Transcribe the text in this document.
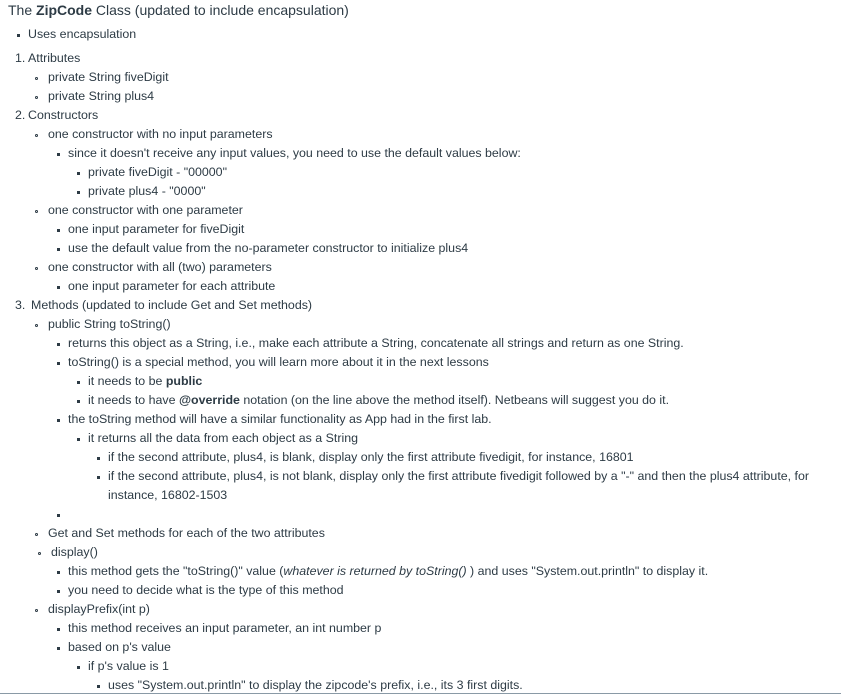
The ZipCode Class (updated to include encapsulation)
Uses encapsulation
1. Attributes
private String fiveDigit
private String plus4
2. Constructors
one constructor with no input parameters
since it doesn't receive any input values, you need to use the default values below:
private fiveDigit - "00000"
private plus4 - "0000"
one constructor with one parameter
one input parameter for fiveDigit
use the default value from the no-parameter constructor to initialize plus4
one constructor with all (two) parameters
one input parameter for each attribute
3. Methods (updated to include Get and Set methods)
public String toString()
returns this object as a String, i.e., make each attribute a String, concatenate all strings and return as one String.
toString() is a special method, you will learn more about it in the next lessons
it needs to be public
it needs to have @override notation (on the line above the method itself). Netbeans will suggest you do it.
the toString method will have a similar functionality as App had in the first lab.
it returns all the data from each object as a String
if the second attribute, plus4, is blank, display only the first attribute fivedigit, for instance, 16801
if the second attribute, plus4, is not blank, display only the first attribute fivedigit followed by a "-" and then the plus4 attribute, for
instance, 16802-1503
Get and Set methods for each of the two attributes
display()
this method gets the "toString()" value (whatever is returned by toString() ) and uses "System.out.println" to display it.
you need to decide what is the type of this method
displayPrefix(int p)
this method receives an input parameter, an int number p
based on p's value
if p's value is 1
uses "System.out.println" to display the zipcode's prefix, i.e., its 3 first digits.
